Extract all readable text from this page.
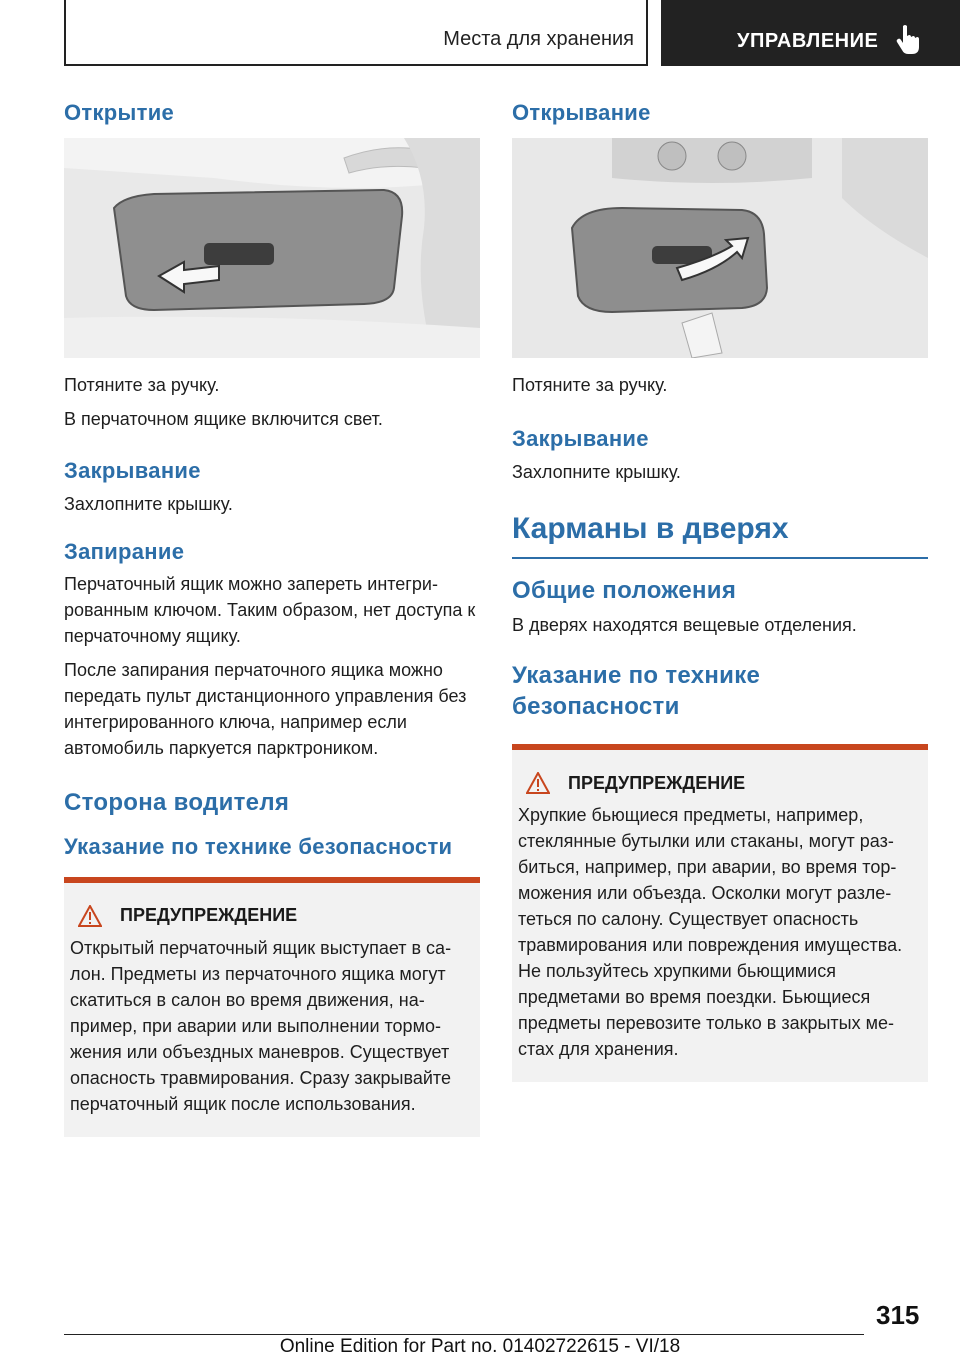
Места для хранения	УПРАВЛЕНИЕ
Открытие

Потяните за ручку.

В перчаточном ящике включится свет.

Закрывание

Захлопните крышку.

Запирание

Перчаточный ящик можно запереть интегрированным ключом. Таким образом, нет доступа к перчаточному ящику.

После запирания перчаточного ящика можно передать пульт дистанционного управления без интегрированного ключа, например если автомобиль паркуется парктроником.

Сторона водителя
Указание по технике безопасности
ПРЕДУПРЕЖДЕНИЕ

Открытый перчаточный ящик выступает в салон. Предметы из перчаточного ящика могут скатиться в салон во время движения, например, при аварии или выполнении торможения или объездных маневров. Существует опасность травмирования. Сразу закрывайте перчаточный ящик после использования.

Открывание

Потяните за ручку.

Закрывание

Захлопните крышку.

Карманы в дверях
Общие положения

В дверях находятся вещевые отделения.

Указание по технике безопасности
ПРЕДУПРЕЖДЕНИЕ

Хрупкие бьющиеся предметы, например, стеклянные бутылки или стаканы, могут разбиться, например, при аварии, во время торможения или объезда. Осколки могут разлететься по салону. Существует опасность травмирования или повреждения имущества. Не пользуйтесь хрупкими бьющимися предметами во время поездки. Бьющиеся предметы перевозите только в закрытых местах для хранения.

315
Online Edition for Part no. 01402722615 - VI/18
